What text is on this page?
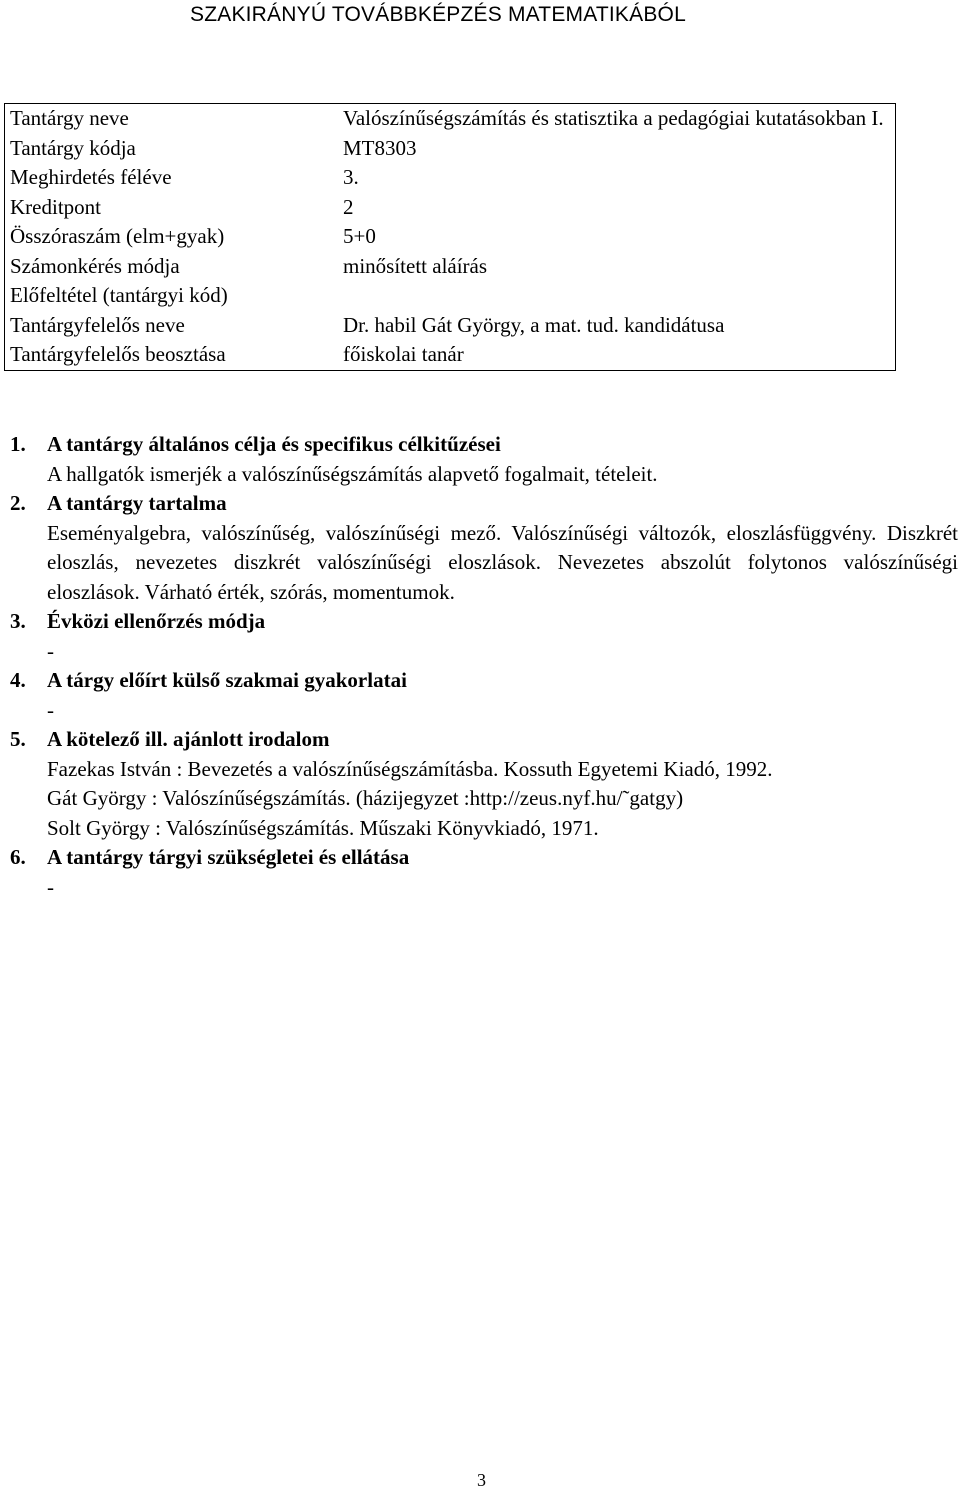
SZAKIRÁNYÚ TOVÁBBKÉPZÉS MATEMATIKÁBÓL
Tantárgy neve	Valószínűségszámítás és statisztika a pedagógiai kutatásokban I.
Tantárgy kódja	MT8303
Meghirdetés féléve	3.
Kreditpont	2
Összóraszám (elm+gyak)	5+0
Számonkérés módja	minősített aláírás
Előfeltétel (tantárgyi kód)	
Tantárgyfelelős neve	Dr. habil Gát György, a mat. tud. kandidátusa
Tantárgyfelelős beosztása	főiskolai tanár
1. A tantárgy általános célja és specifikus célkitűzései
A hallgatók ismerjék a valószínűségszámítás alapvető fogalmait, tételeit.
2. A tantárgy tartalma
Eseményalgebra, valószínűség, valószínűségi mező. Valószínűségi változók, eloszlásfüggvény. Diszkrét eloszlás, nevezetes diszkrét valószínűségi eloszlások. Nevezetes abszolút folytonos valószínűségi eloszlások. Várható érték, szórás, momentumok.
3. Évközi ellenőrzés módja
-
4. A tárgy előírt külső szakmai gyakorlatai
-
5. A kötelező ill. ajánlott irodalom
Fazekas István : Bevezetés a valószínűségszámításba. Kossuth Egyetemi Kiadó, 1992.
Gát György : Valószínűségszámítás. (házijegyzet :http://zeus.nyf.hu/˜gatgy)
Solt György : Valószínűségszámítás. Műszaki Könyvkiadó, 1971.
6. A tantárgy tárgyi szükségletei és ellátása
-
3
